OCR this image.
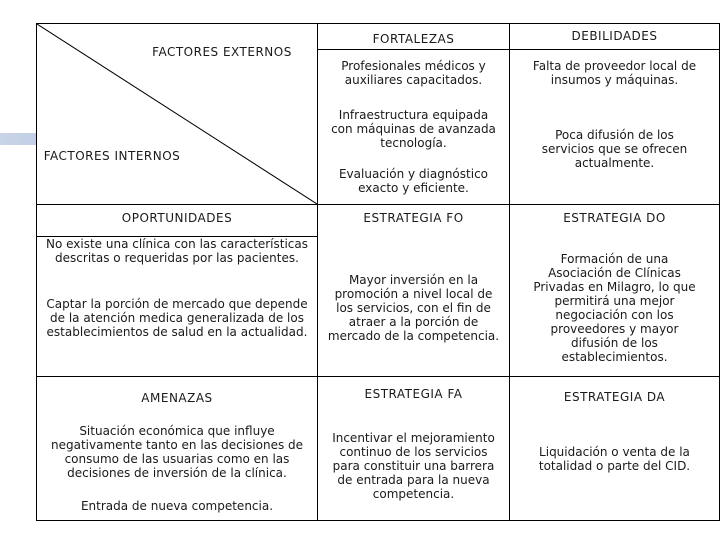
FACTORES EXTERNOS
FACTORES INTERNOS
FORTALEZAS
Profesionales médicos y
auxiliares capacitados.
Infraestructura equipada
con máquinas de avanzada
tecnología.
Evaluación y diagnóstico
exacto y eficiente.
DEBILIDADES
Falta de proveedor local de
insumos y máquinas.
Poca difusión de los
servicios que se ofrecen
actualmente.
OPORTUNIDADES
No existe una clínica con las características
descritas o requeridas por las pacientes.
Captar la porción de mercado que depende
de la atención medica generalizada de los
establecimientos de salud en la actualidad.
ESTRATEGIA FO
Mayor inversión en la
promoción a nivel local de
los servicios, con el fin de
atraer a la porción de
mercado de la competencia.
ESTRATEGIA DO
Formación de una
Asociación de Clínicas
Privadas en Milagro, lo que
permitirá una mejor
negociación con los
proveedores y mayor
difusión de los
establecimientos.
AMENAZAS
Situación económica que influye
negativamente tanto en las decisiones de
consumo de las usuarias como en las
decisiones de inversión de la clínica.
Entrada de nueva competencia.
ESTRATEGIA FA
Incentivar el mejoramiento
continuo de los servicios
para constituir una barrera
de entrada para la nueva
competencia.
ESTRATEGIA DA
Liquidación o venta de la
totalidad o parte del CID.
